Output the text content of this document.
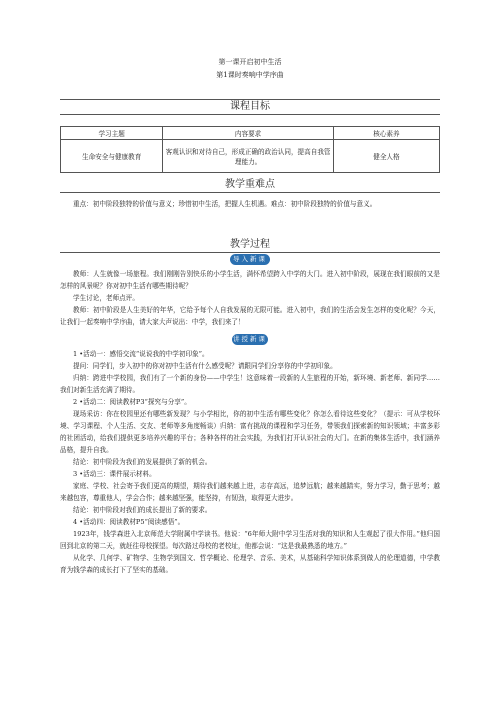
第一课开启初中生活
第1课时奏响中学序曲
课程目标
学习主题	内容要求	核心素养
生命安全与健康教育	客观认识和对待自己，形成正确的政治认同，提高自我管理能力。	健全人格
教学重难点

重点：初中阶段独特的价值与意义；珍惜初中生活，把握人生机遇。难点：初中阶段独特的价值与意义。

教学过程
导入新课

教师：人生就像一场旅程。我们刚刚告别快乐的小学生活，满怀希望跨入中学的大门。进入初中阶段，展现在我们眼前的又是怎样的风景呢？你对初中生活有哪些期待呢？

学生讨论，老师点评。

教师：初中阶段是人生美好的年华，它给予每个人自我发展的无限可能。进入初中，我们的生活会发生怎样的变化呢？今天，让我们一起奏响中学序曲，请大家大声说出：中学，我们来了！

讲授新课

1 •活动一：感悟交流“说说我的中学初印象”。

提问：同学们，步入初中的你对初中生活有什么感受呢？请跟同学们分享你的中学初印象。

归纳：跨进中学校园，我们有了一个新的身份——中学生！这意味着一段新的人生旅程的开始，新环境、新老师、新同学……我们对新生活充满了期待。

2 •活动二：阅读教材P3“探究与分享”。

现场采访：你在校园里还有哪些新发现？与小学相比，你的初中生活有哪些变化？你怎么看待这些变化？（提示：可从学校环境、学习课程、个人生活、交友、老师等多角度畅谈）归纳：富有挑战的课程和学习任务，带领我们探索新的知识领域；丰富多彩的社团活动，给我们提供更多培养兴趣的平台；各种各样的社会实践，为我们打开认识社会的大门。在新的集体生活中，我们涵养品格，提升自我。

结论：初中阶段为我们的发展提供了新的机会。

3 •活动三：课件展示材料。

家庭、学校、社会寄予我们更高的期望，期待我们越来越上进，志存高远，追梦远航；越来越踏实，努力学习，勤于思考；越来越包容，尊重他人，学会合作；越来越坚强，能坚持，有韧劲，取得更大进步。

结论：初中阶段对我们的成长提出了新的要求。

4 •活动四：阅读教材P5“阅读感悟”。

1923年，钱学森进入北京师范大学附属中学读书。他说：“6年师大附中学习生活对我的知识和人生观起了很大作用。”他归国回到北京的第二天，就赶往母校探望。每次路过母校的老校址，他都会说：“这是我最熟悉的地方。”

从化学、几何学、矿物学、生物学到国文、哲学概论、伦理学、音乐、美术，从基础科学知识体系到做人的伦理道德，中学教育为钱学森的成长打下了坚实的基础。
